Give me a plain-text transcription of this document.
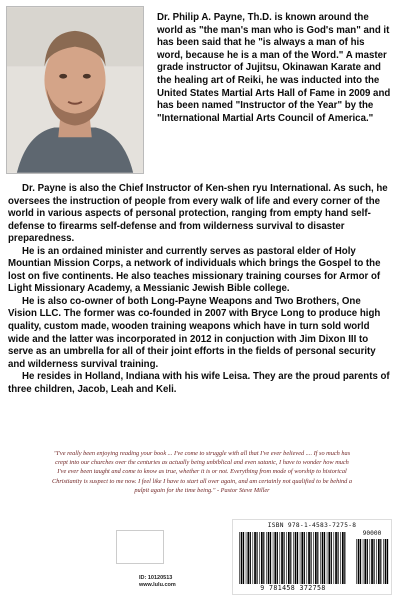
Dr. Philip A. Payne, Th.D. is known around the world as "the man's man who is God's man" and it has been said that he "is always a man of his word, because he is a man of the Word." A master grade instructor of Jujitsu, Okinawan Karate and the healing art of Reiki, he was inducted into the United States Martial Arts Hall of Fame in 2009 and has been named "Instructor of the Year" by the "International Martial Arts Council of America."

Dr. Payne is also the Chief Instructor of Ken-shen ryu International. As such, he oversees the instruction of people from every walk of life and every corner of the world in various aspects of personal protection, ranging from empty hand self-defense to firearms self-defense and from wilderness survival to disaster preparedness.

He is an ordained minister and currently serves as pastoral elder of Holy Mountian Mission Corps, a network of individuals which brings the Gospel to the lost on five continents. He also teaches missionary training courses for Armor of Light Missionary Academy, a Messianic Jewish Bible college.

He is also co-owner of both Long-Payne Weapons and Two Brothers, One Vision LLC. The former was co-founded in 2007 with Bryce Long to produce high quality, custom made, wooden training weapons which have in turn sold world wide and the latter was incorporated in 2012 in conjuction with Jim Dixon III to serve as an umbrella for all of their joint efforts in the fields of personal security and wilderness survival training.

He resides in Holland, Indiana with his wife Leisa. They are the proud parents of three children, Jacob, Leah and Keli.

"I've really been enjoying reading your book ... I've come to struggle with all that I've ever believed .... If so much has crept into our churches over the centuries as actually being unbiblical and even satanic, I have to wonder how much I've ever been taught and come to know as true, whether it is or not. Everything from mode of worship to historical Christianity is suspect to me now. I feel like I have to start all over again, and am certainly not qualified to be behind a pulpit again for the time being." - Pastor Steve Miller
ID: 10120513
www.lulu.com
ISBN 978-1-4583-7275-8
90000
9 781458 372758
